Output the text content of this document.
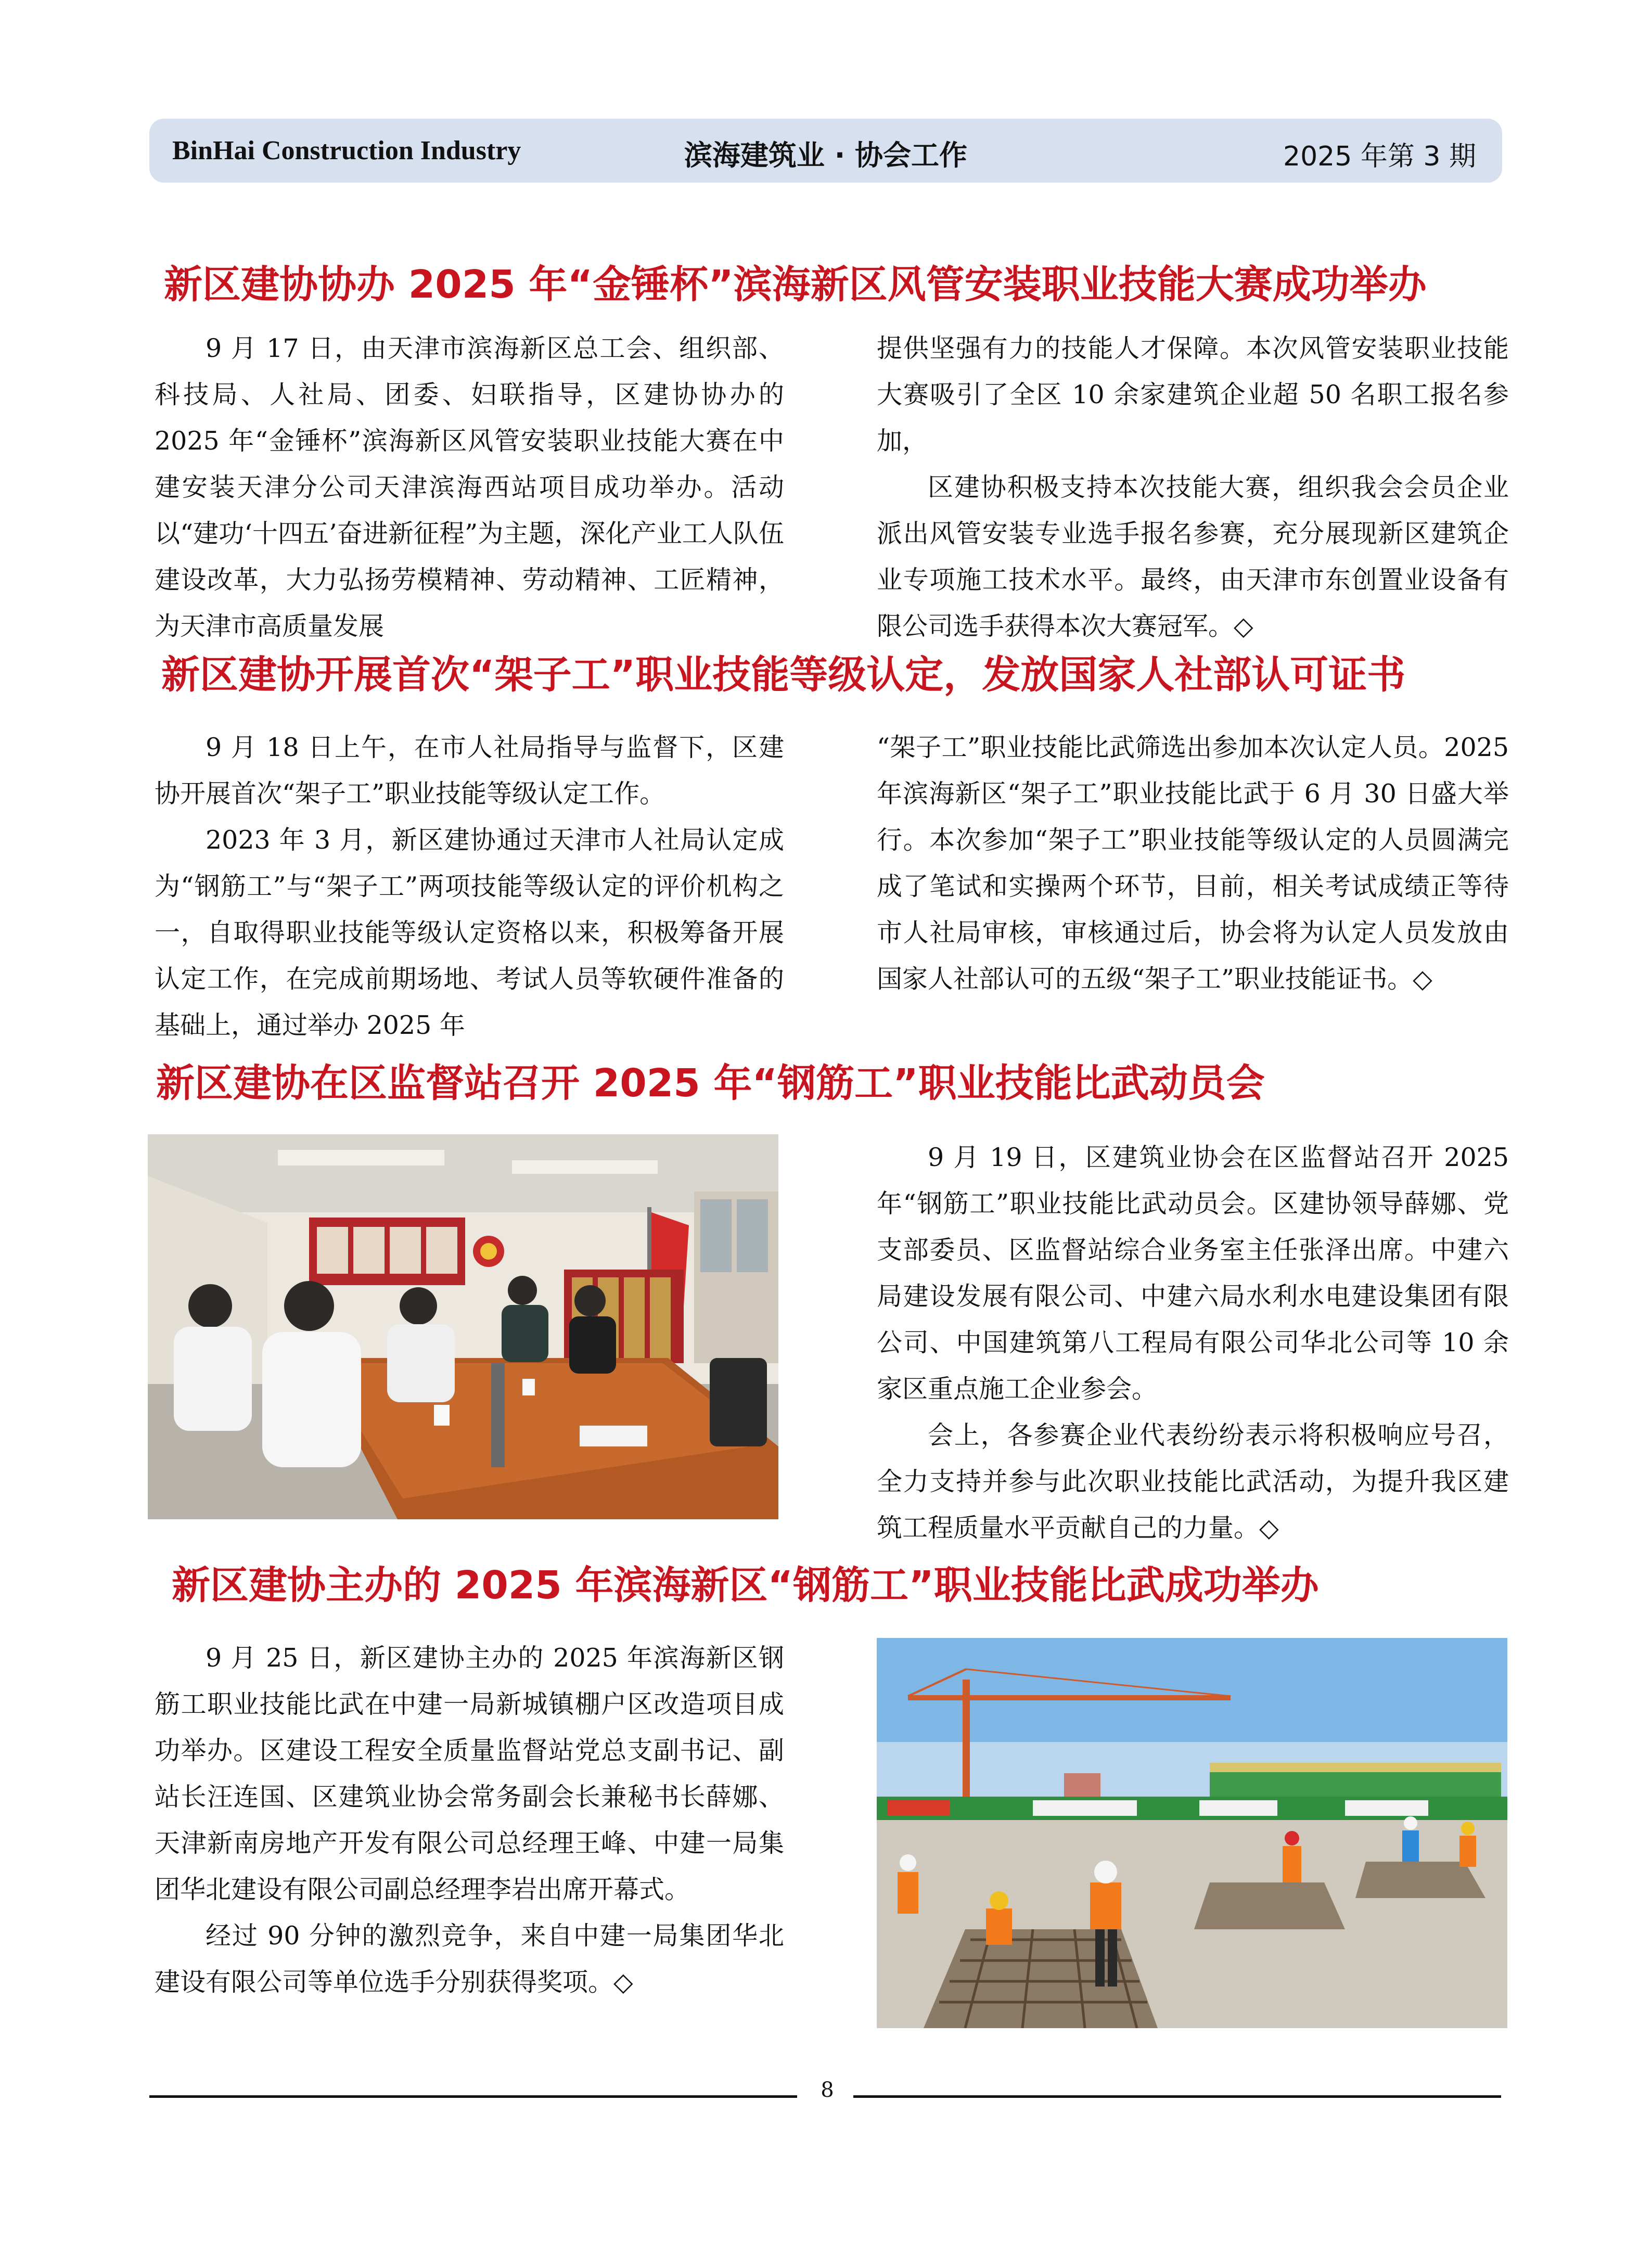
BinHai Construction Industry	滨海建筑业 · 协会工作	2025 年第 3 期
新区建协协办 2025 年“金锤杯”滨海新区风管安装职业技能大赛成功举办

9 月 17 日，由天津市滨海新区总工会、组织部、科技局、人社局、团委、妇联指导，区建协协办的 2025 年“金锤杯”滨海新区风管安装职业技能大赛在中建安装天津分公司天津滨海西站项目成功举办。活动以“建功‘十四五’奋进新征程”为主题，深化产业工人队伍建设改革，大力弘扬劳模精神、劳动精神、工匠精神，为天津市高质量发展

提供坚强有力的技能人才保障。本次风管安装职业技能大赛吸引了全区 10 余家建筑企业超 50 名职工报名参加，

区建协积极支持本次技能大赛，组织我会会员企业派出风管安装专业选手报名参赛，充分展现新区建筑企业专项施工技术水平。最终，由天津市东创置业设备有限公司选手获得本次大赛冠军。◇

新区建协开展首次“架子工”职业技能等级认定，发放国家人社部认可证书

9 月 18 日上午，在市人社局指导与监督下，区建协开展首次“架子工”职业技能等级认定工作。

2023 年 3 月，新区建协通过天津市人社局认定成为“钢筋工”与“架子工”两项技能等级认定的评价机构之一，自取得职业技能等级认定资格以来，积极筹备开展认定工作，在完成前期场地、考试人员等软硬件准备的基础上，通过举办 2025 年

“架子工”职业技能比武筛选出参加本次认定人员。2025 年滨海新区“架子工”职业技能比武于 6 月 30 日盛大举行。本次参加“架子工”职业技能等级认定的人员圆满完成了笔试和实操两个环节，目前，相关考试成绩正等待市人社局审核，审核通过后，协会将为认定人员发放由国家人社部认可的五级“架子工”职业技能证书。◇

新区建协在区监督站召开 2025 年“钢筋工”职业技能比武动员会

9 月 19 日，区建筑业协会在区监督站召开 2025 年“钢筋工”职业技能比武动员会。区建协领导薛娜、党支部委员、区监督站综合业务室主任张泽出席。中建六局建设发展有限公司、中建六局水利水电建设集团有限公司、中国建筑第八工程局有限公司华北公司等 10 余家区重点施工企业参会。

会上，各参赛企业代表纷纷表示将积极响应号召，全力支持并参与此次职业技能比武活动，为提升我区建筑工程质量水平贡献自己的力量。◇

新区建协主办的 2025 年滨海新区“钢筋工”职业技能比武成功举办

9 月 25 日，新区建协主办的 2025 年滨海新区钢筋工职业技能比武在中建一局新城镇棚户区改造项目成功举办。区建设工程安全质量监督站党总支副书记、副站长汪连国、区建筑业协会常务副会长兼秘书长薛娜、天津新南房地产开发有限公司总经理王峰、中建一局集团华北建设有限公司副总经理李岩出席开幕式。

经过 90 分钟的激烈竞争，来自中建一局集团华北建设有限公司等单位选手分别获得奖项。◇

8
